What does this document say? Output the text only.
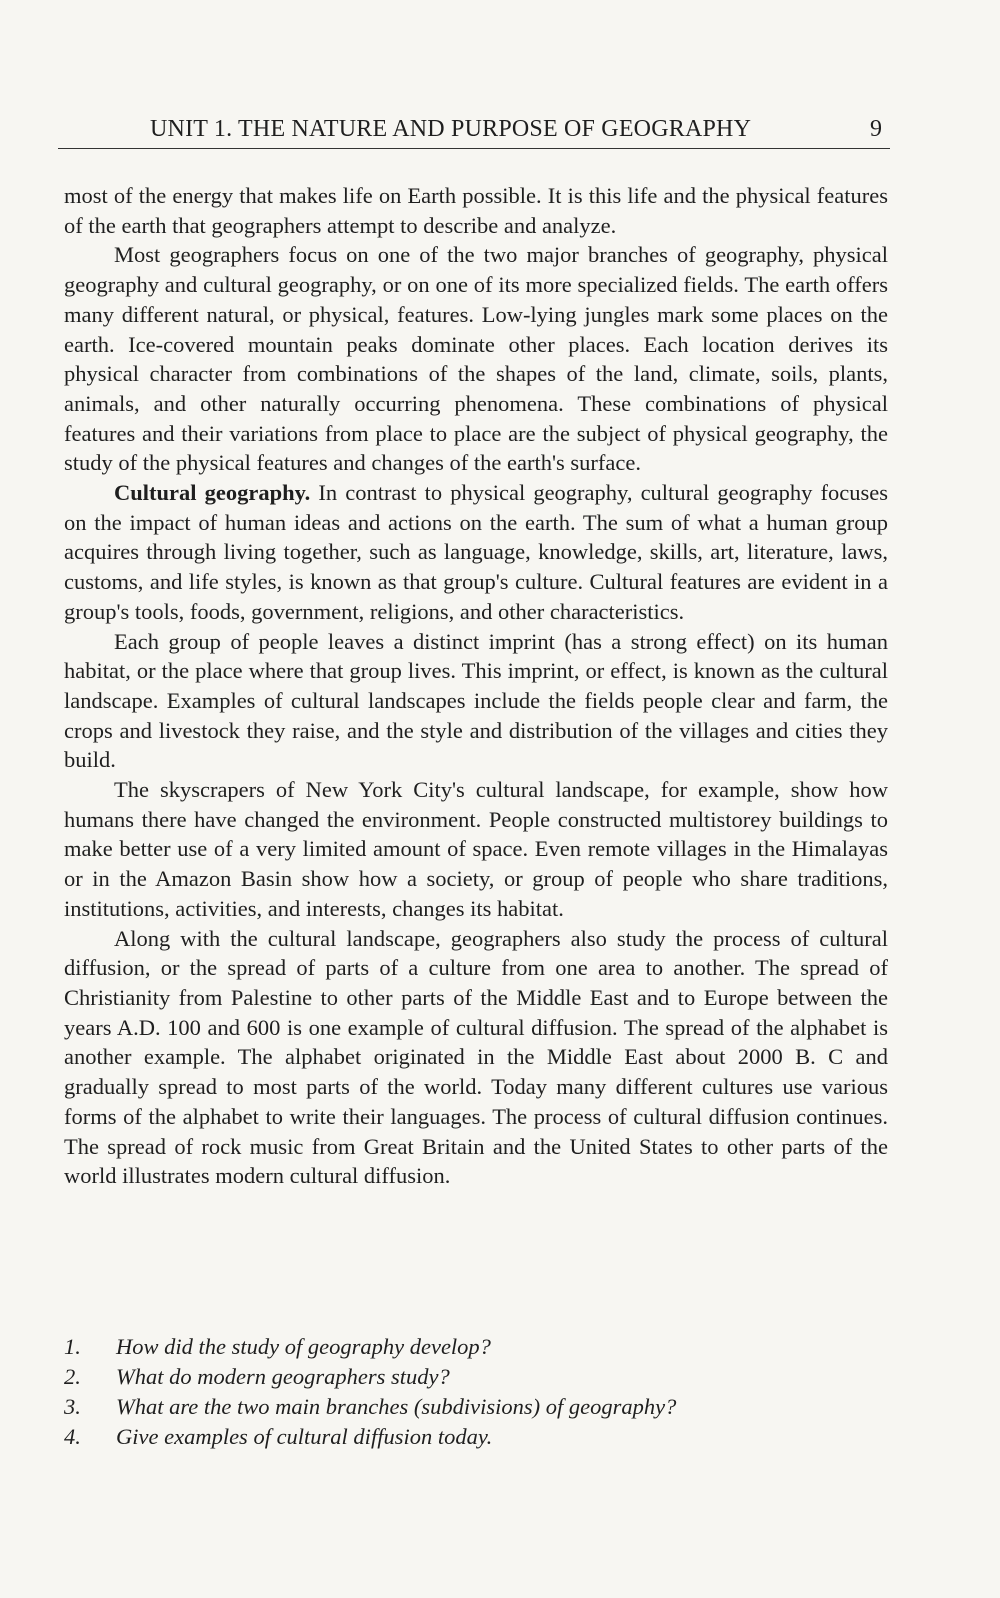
UNIT 1. THE NATURE AND PURPOSE OF GEOGRAPHY	9

most of the energy that makes life on Earth possible. It is this life and the physical features of the earth that geographers attempt to describe and analyze.

Most geographers focus on one of the two major branches of geography, physical geography and cultural geography, or on one of its more specialized fields. The earth offers many different natural, or physical, features. Low-lying jungles mark some places on the earth. Ice-covered mountain peaks dominate other places. Each location derives its physical character from combinations of the shapes of the land, climate, soils, plants, animals, and other naturally occurring phenomena. These combinations of physical features and their variations from place to place are the subject of physical geography, the study of the physical features and changes of the earth's surface.

Cultural geography. In contrast to physical geography, cultural geography focuses on the impact of human ideas and actions on the earth. The sum of what a human group acquires through living together, such as language, knowledge, skills, art, literature, laws, customs, and life styles, is known as that group's culture. Cultural features are evident in a group's tools, foods, government, religions, and other characteristics.

Each group of people leaves a distinct imprint (has a strong effect) on its human habitat, or the place where that group lives. This imprint, or effect, is known as the cultural landscape. Examples of cultural landscapes include the fields people clear and farm, the crops and livestock they raise, and the style and distribution of the villages and cities they build.

The skyscrapers of New York City's cultural landscape, for example, show how humans there have changed the environment. People constructed multistorey buildings to make better use of a very limited amount of space. Even remote villages in the Himalayas or in the Amazon Basin show how a society, or group of people who share traditions, institutions, activities, and interests, changes its habitat.

Along with the cultural landscape, geographers also study the process of cultural diffusion, or the spread of parts of a culture from one area to another. The spread of Christianity from Palestine to other parts of the Middle East and to Europe between the years A.D. 100 and 600 is one example of cultural diffusion. The spread of the alphabet is another example. The alphabet originated in the Middle East about 2000 B. C and gradually spread to most parts of the world. Today many different cultures use various forms of the alphabet to write their languages. The process of cultural diffusion continues. The spread of rock music from Great Britain and the United States to other parts of the world illustrates modern cultural diffusion.

1.	How did the study of geography develop?
2.	What do modern geographers study?
3.	What are the two main branches (subdivisions) of geography?
4.	Give examples of cultural diffusion today.
